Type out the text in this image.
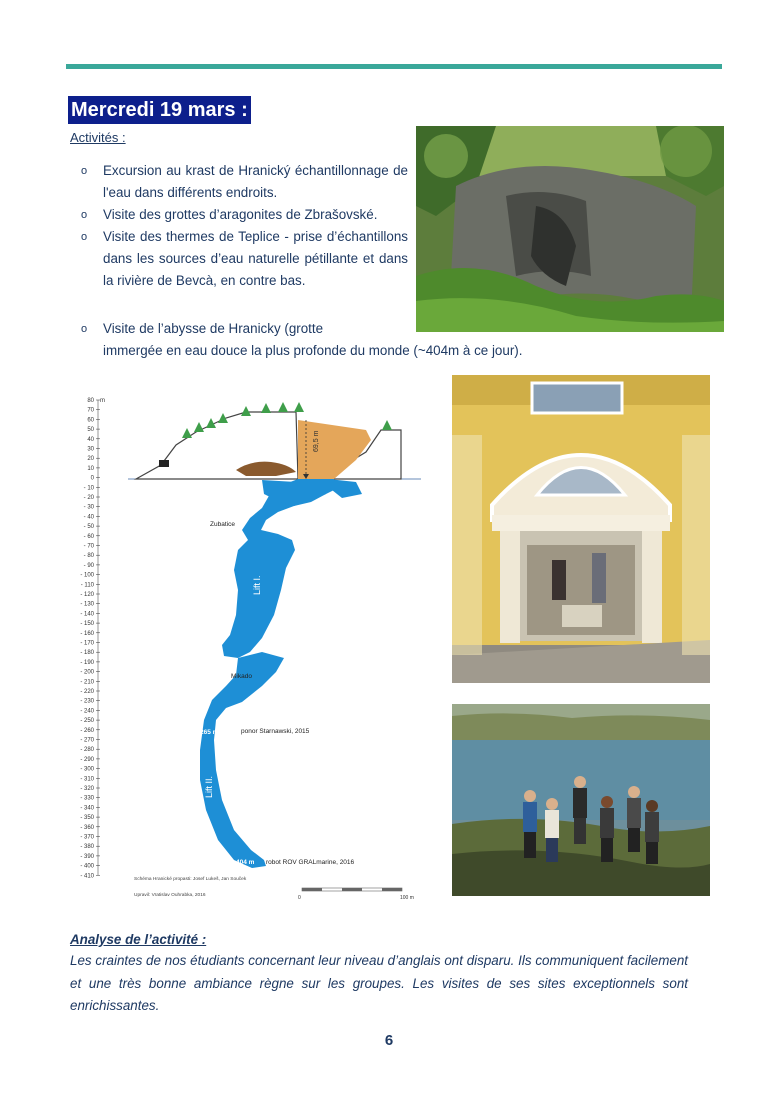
Mercredi 19 mars :
Activités :
o Excursion au krast de Hranický échantillonnage de l'eau dans différents endroits.
o Visite des grottes d’aragonites de Zbrašovské.
o Visite des thermes de Teplice - prise d’échantillons dans les sources d’eau naturelle pétillante et dans la rivière de Bevcà, en contre bas.
o	Visite de l’abysse de Hranicky (grotte
immergée en eau douce la plus profonde du monde (~404m à ce jour).
80
70
60
50
40
30
20
10
0
- 10
- 20
- 30
- 40
- 50
- 60
- 70
- 80
- 90
- 100
- 110
- 120
- 130
- 140
- 150
- 160
- 170
- 180
- 190
- 200
- 210
- 220
- 230
- 240
- 250
- 260
- 270
- 280
- 290
- 300
- 310
- 320
- 330
- 340
- 350
- 360
- 370
- 380
- 390
- 400
- 410
m
69,5 m
Zubatice
Lift I.
Mikado
265 m	ponor Starnawski, 2015
Lift II.
404 m robot ROV GRALmarine, 2016
Schéma Hranické propasti: Josef Lukeš, Jan Souček
Upravil: Vratislav Ouhrabka, 2016	0	100 m
Analyse de l’activité :
Les craintes de nos étudiants concernant leur niveau d’anglais ont disparu. Ils communiquent facilement et une très bonne ambiance règne sur les groupes. Les visites de ses sites exceptionnels sont enrichissantes.
6
